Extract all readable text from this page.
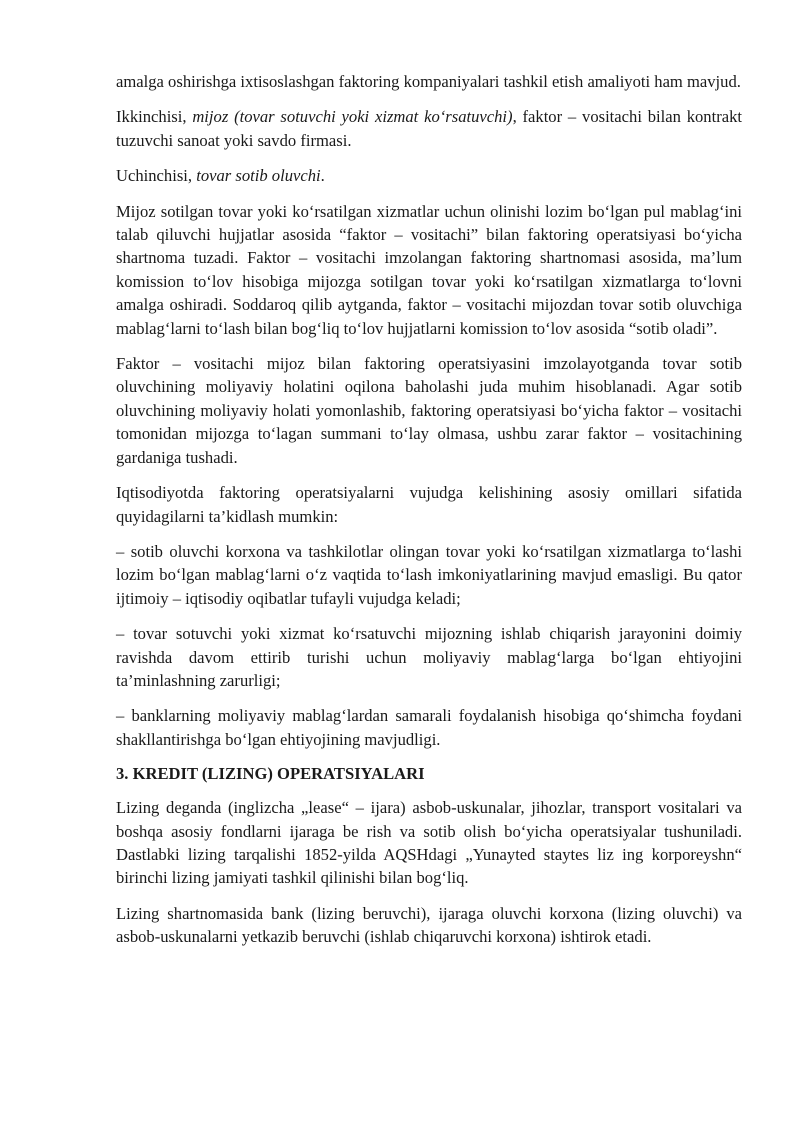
amalga oshirishga ixtisoslashgan faktoring kompaniyalari tashkil etish amaliyoti ham mavjud.

Ikkinchisi, mijoz (tovar sotuvchi yoki xizmat ko‘rsatuvchi), faktor – vositachi bilan kontrakt tuzuvchi sanoat yoki savdo firmasi.

Uchinchisi, tovar sotib oluvchi.

Mijoz sotilgan tovar yoki ko‘rsatilgan xizmatlar uchun olinishi lozim bo‘lgan pul mablag‘ini talab qiluvchi hujjatlar asosida “faktor – vositachi” bilan faktoring operatsiyasi bo‘yicha shartnoma tuzadi. Faktor – vositachi imzolangan faktoring shartnomasi asosida, ma’lum komission to‘lov hisobiga mijozga sotilgan tovar yoki ko‘rsatilgan xizmatlarga to‘lovni amalga oshiradi. Soddaroq qilib aytganda, faktor – vositachi mijozdan tovar sotib oluvchiga mablag‘larni to‘lash bilan bog‘liq to‘lov hujjatlarni komission to‘lov asosida “sotib oladi”.

Faktor – vositachi mijoz bilan faktoring operatsiyasini imzolayotganda tovar sotib oluvchining moliyaviy holatini oqilona baholashi juda muhim hisoblanadi. Agar sotib oluvchining moliyaviy holati yomonlashib, faktoring operatsiyasi bo‘yicha faktor – vositachi tomonidan mijozga to‘lagan summani to‘lay olmasa, ushbu zarar faktor – vositachining gardaniga tushadi.

Iqtisodiyotda faktoring operatsiyalarni vujudga kelishining asosiy omillari sifatida quyidagilarni ta’kidlash mumkin:

– sotib oluvchi korxona va tashkilotlar olingan tovar yoki ko‘rsatilgan xizmatlarga to‘lashi lozim bo‘lgan mablag‘larni o‘z vaqtida to‘lash imkoniyatlarining mavjud emasligi. Bu qator ijtimoiy – iqtisodiy oqibatlar tufayli vujudga keladi;

– tovar sotuvchi yoki xizmat ko‘rsatuvchi mijozning ishlab chiqarish jarayonini doimiy ravishda davom ettirib turishi uchun moliyaviy mablag‘larga bo‘lgan ehtiyojini ta’minlashning zarurligi;

– banklarning moliyaviy mablag‘lardan samarali foydalanish hisobiga qo‘shimcha foydani shakllantirishga bo‘lgan ehtiyojining mavjudligi.

3. KREDIT (LIZING) OPERATSIYALARI

Lizing deganda (inglizcha „lease“ – ijara) asbob-uskunalar, jihozlar, transport vositalari va boshqa asosiy fondlarni ijaraga be rish va sotib olish bo‘yicha operatsiyalar tushuniladi. Dastlabki lizing tarqalishi 1852-yilda AQSHdagi „Yunayted staytes liz ing korporeyshn“ birinchi lizing jamiyati tashkil qilinishi bilan bog‘liq.

Lizing shartnomasida bank (lizing beruvchi), ijaraga oluvchi korxona (lizing oluvchi) va asbob-uskunalarni yetkazib beruvchi (ishlab chiqaruvchi korxona) ishtirok etadi.
